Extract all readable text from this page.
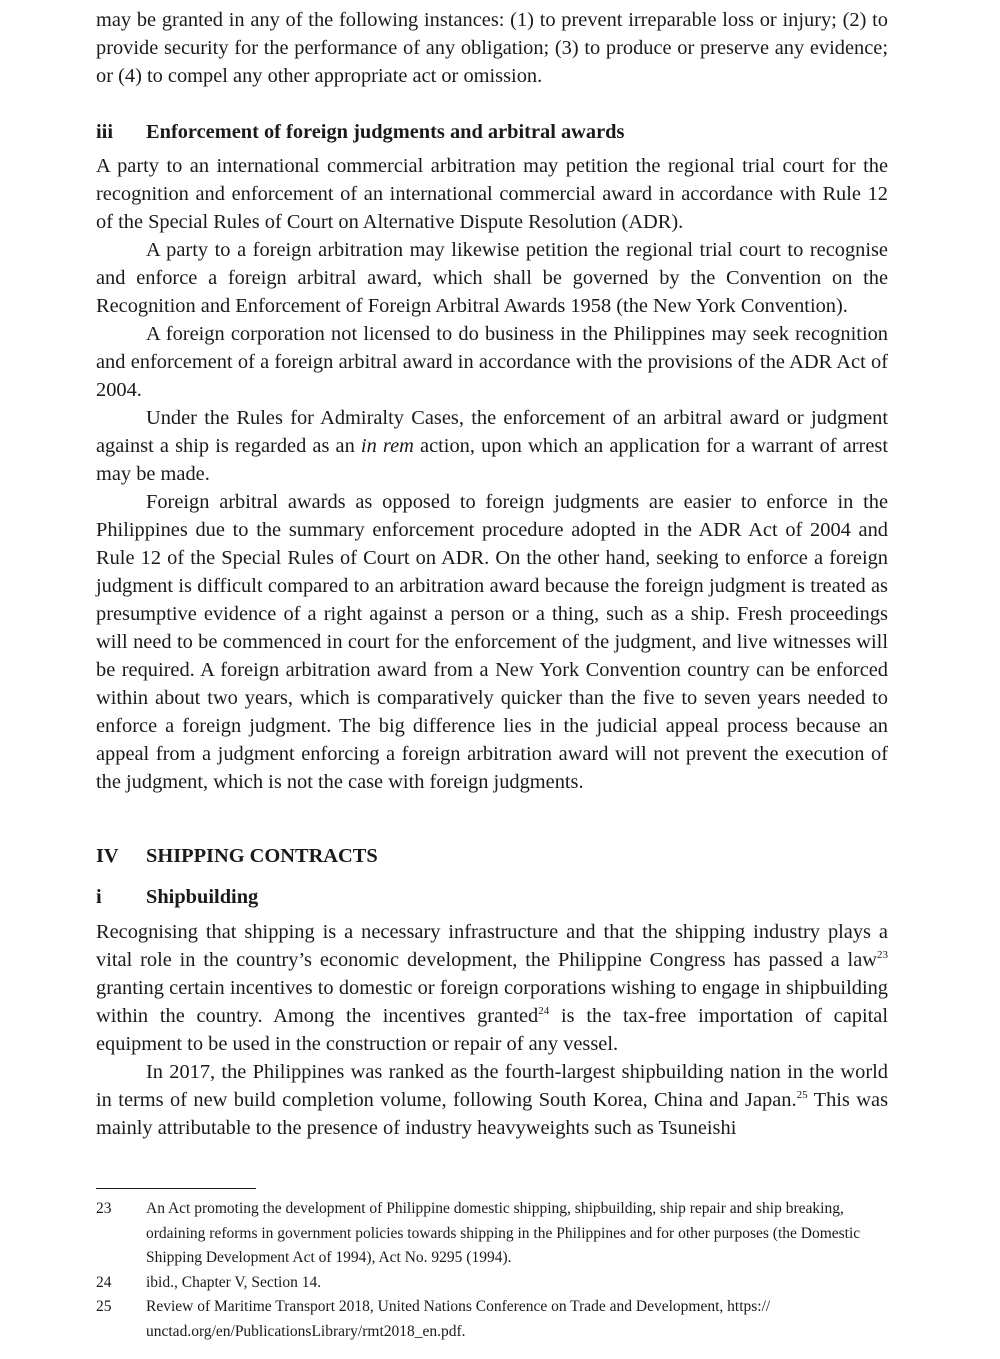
may be granted in any of the following instances: (1) to prevent irreparable loss or injury; (2) to provide security for the performance of any obligation; (3) to produce or preserve any evidence; or (4) to compel any other appropriate act or omission.

iii	Enforcement of foreign judgments and arbitral awards

A party to an international commercial arbitration may petition the regional trial court for the recognition and enforcement of an international commercial award in accordance with Rule 12 of the Special Rules of Court on Alternative Dispute Resolution (ADR).

A party to a foreign arbitration may likewise petition the regional trial court to recognise and enforce a foreign arbitral award, which shall be governed by the Convention on the Recognition and Enforcement of Foreign Arbitral Awards 1958 (the New York Convention).

A foreign corporation not licensed to do business in the Philippines may seek recognition and enforcement of a foreign arbitral award in accordance with the provisions of the ADR Act of 2004.

Under the Rules for Admiralty Cases, the enforcement of an arbitral award or judgment against a ship is regarded as an in rem action, upon which an application for a warrant of arrest may be made.

Foreign arbitral awards as opposed to foreign judgments are easier to enforce in the Philippines due to the summary enforcement procedure adopted in the ADR Act of 2004 and Rule 12 of the Special Rules of Court on ADR. On the other hand, seeking to enforce a foreign judgment is difficult compared to an arbitration award because the foreign judgment is treated as presumptive evidence of a right against a person or a thing, such as a ship. Fresh proceedings will need to be commenced in court for the enforcement of the judgment, and live witnesses will be required. A foreign arbitration award from a New York Convention country can be enforced within about two years, which is comparatively quicker than the five to seven years needed to enforce a foreign judgment. The big difference lies in the judicial appeal process because an appeal from a judgment enforcing a foreign arbitration award will not prevent the execution of the judgment, which is not the case with foreign judgments.

IV	SHIPPING CONTRACTS
i	Shipbuilding

Recognising that shipping is a necessary infrastructure and that the shipping industry plays a vital role in the country’s economic development, the Philippine Congress has passed a law$^{23}$ granting certain incentives to domestic or foreign corporations wishing to engage in shipbuilding within the country. Among the incentives granted$^{24}$ is the tax-free importation of capital equipment to be used in the construction or repair of any vessel.

In 2017, the Philippines was ranked as the fourth-largest shipbuilding nation in the world in terms of new build completion volume, following South Korea, China and Japan.$^{25}$ This was mainly attributable to the presence of industry heavyweights such as Tsuneishi

23	An Act promoting the development of Philippine domestic shipping, shipbuilding, ship repair and ship breaking, ordaining reforms in government policies towards shipping in the Philippines and for other purposes (the Domestic Shipping Development Act of 1994), Act No. 9295 (1994).
24	ibid., Chapter V, Section 14.
25	Review of Maritime Transport 2018, United Nations Conference on Trade and Development, https:// unctad.org/en/PublicationsLibrary/rmt2018_en.pdf.
